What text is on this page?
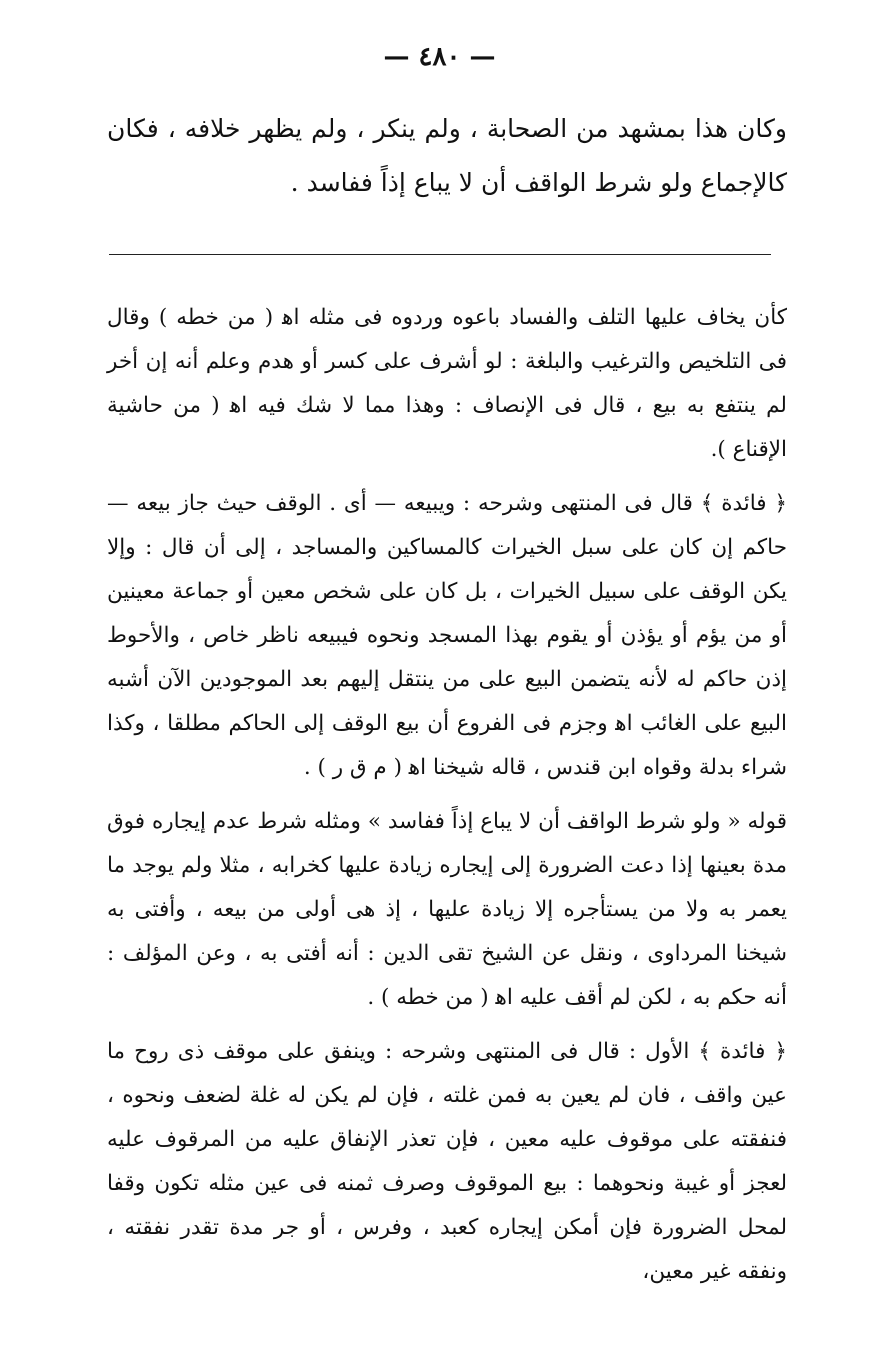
— ٤٨٠ —
وكان هذا بمشهد من الصحابة ، ولم ينكر ، ولم يظهر خلافه ، فكان كالإجماع ولو شرط الواقف أن لا يباع إذاً ففاسد .

كأن يخاف عليها التلف والفساد باعوه وردوه فى مثله اﻫ ( من خطه ) وقال فى التلخيص والترغيب والبلغة : لو أشرف على كسر أو هدم وعلم أنه إن أخر لم ينتفع به بيع ، قال فى الإنصاف : وهذا مما لا شك فيه اﻫ ( من حاشية الإقناع ).

﴿ فائدة ﴾ قال فى المنتهى وشرحه : ويبيعه — أى . الوقف حيث جاز بيعه — حاكم إن كان على سبل الخيرات كالمساكين والمساجد ، إلى أن قال : وإلا يكن الوقف على سبيل الخيرات ، بل كان على شخص معين أو جماعة معينين أو من يؤم أو يؤذن أو يقوم بهذا المسجد ونحوه فيبيعه ناظر خاص ، والأحوط إذن حاكم له لأنه يتضمن البيع على من ينتقل إليهم بعد الموجودين الآن أشبه البيع على الغائب اﻫ وجزم فى الفروع أن بيع الوقف إلى الحاكم مطلقا ، وكذا شراء بدلة وقواه ابن قندس ، قاله شيخنا اﻫ ( م ق ر ) .

قوله « ولو شرط الواقف أن لا يباع إذاً ففاسد » ومثله شرط عدم إيجاره فوق مدة بعينها إذا دعت الضرورة إلى إيجاره زيادة عليها كخرابه ، مثلا ولم يوجد ما يعمر به ولا من يستأجره إلا زيادة عليها ، إذ هى أولى من بيعه ، وأفتى به شيخنا المرداوى ، ونقل عن الشيخ تقى الدين : أنه أفتى به ، وعن المؤلف : أنه حكم به ، لكن لم أقف عليه اﻫ ( من خطه ) .

﴿ فائدة ﴾ الأول : قال فى المنتهى وشرحه : وينفق على موقف ذى روح ما عين واقف ، فان لم يعين به فمن غلته ، فإن لم يكن له غلة لضعف ونحوه ، فنفقته على موقوف عليه معين ، فإن تعذر الإنفاق عليه من المرقوف عليه لعجز أو غيبة ونحوهما : بيع الموقوف وصرف ثمنه فى عين مثله تكون وقفا لمحل الضرورة فإن أمكن إيجاره كعبد ، وفرس ، أو جر مدة تقدر نفقته ، ونفقه غير معين،
